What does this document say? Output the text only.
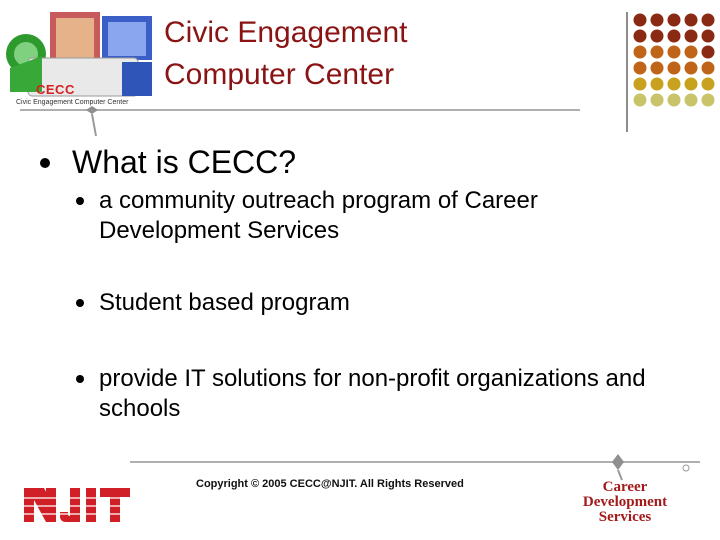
CECC
Civic Engagement Computer Center
Civic Engagement
Computer Center
What is CECC?
a community outreach program of Career Development Services
Student based program
provide IT solutions for non-profit organizations and schools
Copyright © 2005 CECC@NJIT. All Rights Reserved	Career
Development
Services
